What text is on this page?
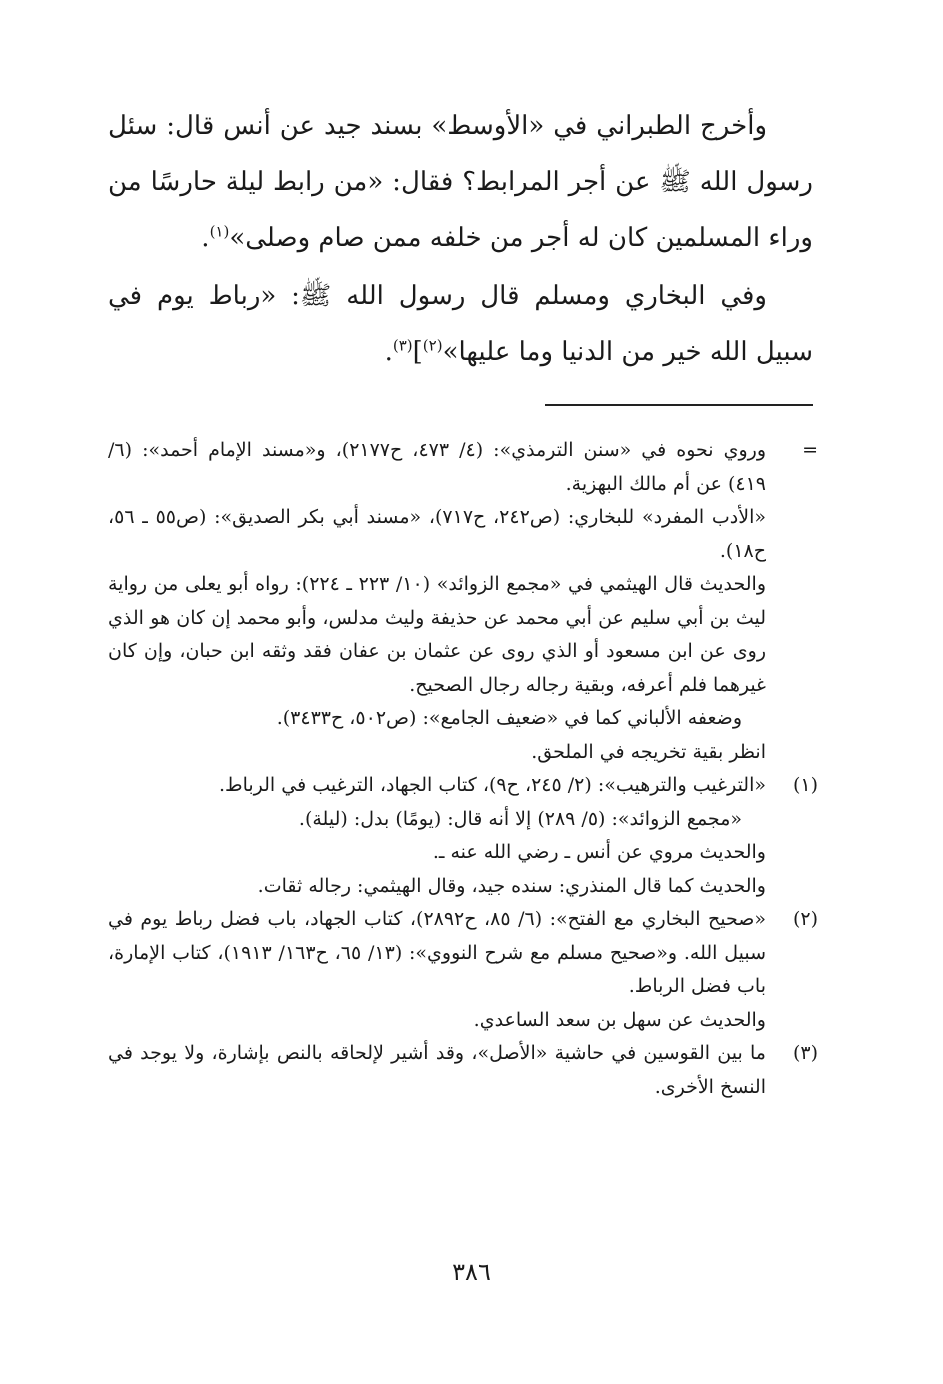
وأخرج الطبراني في «الأوسط» بسند جيد عن أنس قال: سئل رسول الله ﷺ عن أجر المرابط؟ فقال: «من رابط ليلة حارسًا من وراء المسلمين كان له أجر من خلفه ممن صام وصلى»$^{(١)}$.

وفي البخاري ومسلم قال رسول الله ﷺ: «رباط يوم في سبيل الله خير من الدنيا وما عليها»$^{(٢)}$]$^{(٣)}$.

=

وروي نحوه في «سنن الترمذي»: (٤/ ٤٧٣، ح٢١٧٧)، و«مسند الإمام أحمد»: (٦/ ٤١٩) عن أم مالك البهزية.

«الأدب المفرد» للبخاري: (ص٢٤٢، ح٧١٧)، «مسند أبي بكر الصديق»: (ص٥٥ ـ ٥٦، ح١٨).

والحديث قال الهيثمي في «مجمع الزوائد» (١٠/ ٢٢٣ ـ ٢٢٤): رواه أبو يعلى من رواية ليث بن أبي سليم عن أبي محمد عن حذيفة وليث مدلس، وأبو محمد إن كان هو الذي روى عن ابن مسعود أو الذي روى عن عثمان بن عفان فقد وثقه ابن حبان، وإن كان غيرهما فلم أعرفه، وبقية رجاله رجال الصحيح.

وضعفه الألباني كما في «ضعيف الجامع»: (ص٥٠٢، ح٣٤٣٣).

انظر بقية تخريجه في الملحق.

(١)

«الترغيب والترهيب»: (٢/ ٢٤٥، ح٩)، كتاب الجهاد، الترغيب في الرباط.

«مجمع الزوائد»: (٥/ ٢٨٩) إلا أنه قال: (يومًا) بدل: (ليلة).

والحديث مروي عن أنس ـ رضي الله عنه ـ.

والحديث كما قال المنذري: سنده جيد، وقال الهيثمي: رجاله ثقات.

(٢)

«صحيح البخاري مع الفتح»: (٦/ ٨٥، ح٢٨٩٢)، كتاب الجهاد، باب فضل رباط يوم في سبيل الله. و«صحيح مسلم مع شرح النووي»: (١٣/ ٦٥، ح١٦٣/ ١٩١٣)، كتاب الإمارة، باب فضل الرباط.

والحديث عن سهل بن سعد الساعدي.

(٣)

ما بين القوسين في حاشية «الأصل»، وقد أشير لإلحاقه بالنص بإشارة، ولا يوجد في النسخ الأخرى.

٣٨٦
